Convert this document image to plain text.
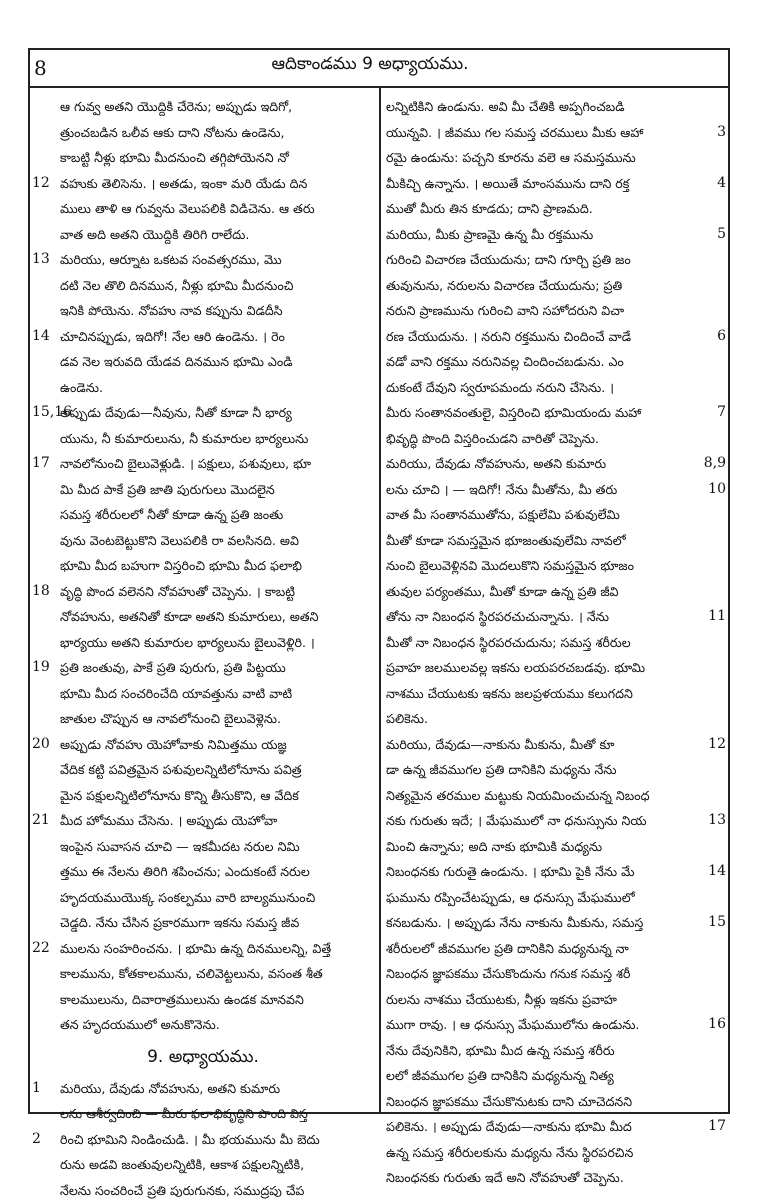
8	ఆదికాండము 9 అధ్యాయము.
ఆ గువ్వ అతని యొద్దికి చేరెను; అప్పుడు ఇదిగో,
త్రుంచబడిన ఒలీవ ఆకు దాని నోటను ఉండెను,
కాబట్టి నీళ్లు భూమి మీదనుంచి తగ్గిపోయెనని నో
12 వహుకు తెలిసెను. । అతడు, ఇంకా మరి యేడు దిన
ములు తాళి ఆ గువ్వను వెలుపలికి విడిచెను. ఆ తరు
వాత అది అతని యొద్దికి తిరిగి రాలేదు.
13 మరియు, ఆర్నూట ఒకటవ సంవత్సరము, మొ
దటి నెల తొలి దినమున, నీళ్లు భూమి మీదనుంచి
ఇనికి పోయెను. నోవహు నావ కప్పును విడదీసి
14 చూచినప్పుడు, ఇదిగో! నేల ఆరి ఉండెను. । రెం
డవ నెల ఇరువది యేడవ దినమున భూమి ఎండి
ఉండెను.
15,16
అప్పుడు దేవుడు—నీవును, నీతో కూడా నీ భార్య
యును, నీ కుమారులును, నీ కుమారుల భార్యలును
17 నావలోనుంచి బైలువెళ్లుడి. । పక్షులు, పశువులు, భూ
మి మీద పాకే ప్రతి జాతి పురుగులు మొదలైన
సమస్త శరీరులలో నీతో కూడా ఉన్న ప్రతి జంతు
వును వెంటబెట్టుకొని వెలుపలికి రా వలసినది. అవి
భూమి మీద బహుగా విస్తరించి భూమి మీద ఫలాభి
18 వృద్ధి పొంద వలెనని నోవహుతో చెప్పెను. । కాబట్టి
నోవహును, అతనితో కూడా అతని కుమారులు, అతని
భార్యయు అతని కుమారుల భార్యలును బైలువెళ్లిరి. ।
19 ప్రతి జంతువు, పాకే ప్రతి పురుగు, ప్రతి పిట్టయు
భూమి మీద సంచరించేది యావత్తును వాటి వాటి
జాతుల చొప్పున ఆ నావలోనుంచి బైలువెళ్లెను.
20 అప్పుడు నోవహు యెహోవాకు నిమిత్తము యజ్ఞ
వేదిక కట్టి పవిత్రమైన పశువులన్నిటిలోనూను పవిత్ర
మైన పక్షులన్నిటిలోనూను కొన్ని తీసుకొని, ఆ వేదిక
21 మీద హోమము చేసెను. । అప్పుడు యెహోవా
ఇంపైన సువాసన చూచి — ఇకమీదట నరుల నిమి
త్తము ఈ నేలను తిరిగి శపించను; ఎందుకంటే నరుల
హృదయముయొక్క సంకల్పము వారి బాల్యమునుంచి
చెడ్డది. నేను చేసిన ప్రకారముగా ఇకను సమస్త జీవ
22 ములను సంహరించను. । భూమి ఉన్న దినములన్ని, విత్తే
కాలమును, కోతకాలమును, చలివెట్టలును, వసంత శీత
కాలములును, దివారాత్రములును ఉండక మానవని
తన హృదయములో అనుకొనెను.
9. అధ్యాయము.
1	మరియు, దేవుడు నోవహును, అతని కుమారు
లను ఆశీర్వదించి — మీరు ఫలాభివృద్ధిని పొంది విస్త
2	రించి భూమిని నిండించుడి. । మీ భయమును మీ బెదు
రును అడవి జంతువులన్నిటికి, ఆకాశ పక్షులన్నిటికి,
నేలను సంచరించే ప్రతి పురుగునకు, సముద్రపు చేప
లన్నిటికిని ఉండును. అవి మీ చేతికి అప్పగించబడి
3
యున్నవి. । జీవము గల సమస్త చరములు మీకు ఆహా
రమై ఉండును: పచ్చని కూరను వలె ఆ సమస్తమును
4
మీకిచ్చి ఉన్నాను. । అయితే మాంసమును దాని రక్త
ముతో మీరు తిన కూడదు; దాని ప్రాణమది.
5
మరియు, మీకు ప్రాణమై ఉన్న మీ రక్తమును
గురించి విచారణ చేయుదును; దాని గూర్చి ప్రతి జం
తువునును, నరులను విచారణ చేయుదును; ప్రతి
నరుని ప్రాణమును గురించి వాని సహోదరుని విచా
6
రణ చేయుదును. । నరుని రక్తమును చిందించే వాడే
వడో వాని రక్తము నరునివల్ల చిందించబడును. ఎం
దుకంటే దేవుని స్వరూపమందు నరుని చేసెను. ।
7
మీరు సంతానవంతులై, విస్తరించి భూమియందు మహా
భివృద్ధి పొంది విస్తరించుడని వారితో చెప్పెను.
8,9
మరియు, దేవుడు నోవహును, అతని కుమారు
10
లను చూచి । — ఇదిగో! నేను మీతోను, మీ తరు
వాత మీ సంతానముతోను, పక్షులేమి పశువులేమి
మీతో కూడా సమస్తమైన భూజంతువులేమి నావలో
నుంచి బైలువెళ్లినవి మొదలుకొని సమస్తమైన భూజం
తువుల పర్యంతము, మీతో కూడా ఉన్న ప్రతి జీవి
11
తోను నా నిబంధన స్థిరపరచుచున్నాను. । నేను
మీతో నా నిబంధన స్థిరపరచుదును; సమస్త శరీరుల
ప్రవాహ జలములవల్ల ఇకను లయపరచబడవు. భూమి
నాశము చేయుటకు ఇకను జలప్రళయము కలుగదని
పలికెను.
12
మరియు, దేవుడు—నాకును మీకును, మీతో కూ
డా ఉన్న జీవముగల ప్రతి దానికిని మధ్యను నేను
నిత్యమైన తరముల మట్టుకు నియమించుచున్న నిబంధ
13
నకు గురుతు ఇదే; । మేఘములో నా ధనుస్సును నియ
మించి ఉన్నాను; అది నాకు భూమికి మధ్యను
14
నిబంధనకు గురుతై ఉండును. । భూమి పైకి నేను మే
ఘమును రప్పించేటప్పుడు, ఆ ధనుస్సు మేఘములో
15
కనబడును. । అప్పుడు నేను నాకును మీకును, సమస్త
శరీరులలో జీవముగల ప్రతి దానికిని మధ్యనున్న నా
నిబంధన జ్ఞాపకము చేసుకొందును గనుక సమస్త శరీ
రులను నాశము చేయుటకు, నీళ్లు ఇకను ప్రవాహ
16
ముగా రావు. । ఆ ధనుస్సు మేఘములోను ఉండును.
నేను దేవునికిని, భూమి మీద ఉన్న సమస్త శరీరు
లలో జీవముగల ప్రతి దానికిని మధ్యనున్న నిత్య
నిబంధన జ్ఞాపకము చేసుకొనుటకు దాని చూచెదనని
17
పలికెను. । అప్పుడు దేవుడు—నాకును భూమి మీద
ఉన్న సమస్త శరీరులకును మధ్యను నేను స్థిరపరచిన
నిబంధనకు గురుతు ఇదే అని నోవహుతో చెప్పెను.
